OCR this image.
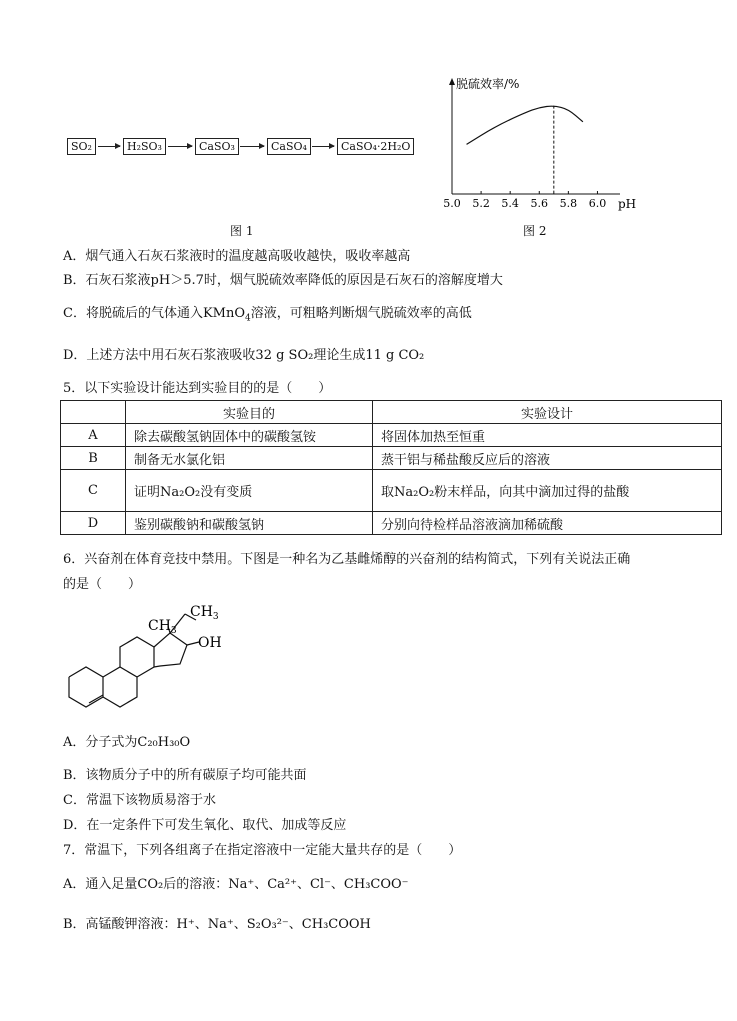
SO₂	H₂SO₃	CaSO₃	CaSO₄	CaSO₄·2H₂O
图 1
5.0 5.2 5.4 5.6 5.8 6.0 pH
脱硫效率/%
图 2
A．烟气通入石灰石浆液时的温度越高吸收越快，吸收率越高
B．石灰石浆液pH＞5.7时，烟气脱硫效率降低的原因是石灰石的溶解度增大
C．将脱硫后的气体通入KMnO$_4$溶液，可粗略判断烟气脱硫效率的高低
D．上述方法中用石灰石浆液吸收32 g SO₂理论生成11 g CO₂
5．以下实验设计能达到实验目的的是（　　）
	实验目的	实验设计
A	除去碳酸氢钠固体中的碳酸氢铵	将固体加热至恒重
B	制备无水氯化铝	蒸干铝与稀盐酸反应后的溶液
C	证明Na₂O₂没有变质	取Na₂O₂粉末样品，向其中滴加过得的盐酸
D	鉴别碳酸钠和碳酸氢钠	分别向待检样品溶液滴加稀硫酸
6．兴奋剂在体育竞技中禁用。下图是一种名为乙基雌烯醇的兴奋剂的结构简式，下列有关说法正确
的是（　　）
$CH_3$
$CH_3$
OH
A．分子式为C₂₀H₃₀O
B．该物质分子中的所有碳原子均可能共面
C．常温下该物质易溶于水
D．在一定条件下可发生氧化、取代、加成等反应
7．常温下，下列各组离子在指定溶液中一定能大量共存的是（　　）
A．通入足量CO₂后的溶液：Na⁺、Ca²⁺、Cl⁻、CH₃COO⁻
B．高锰酸钾溶液：H⁺、Na⁺、S₂O₃²⁻、CH₃COOH
